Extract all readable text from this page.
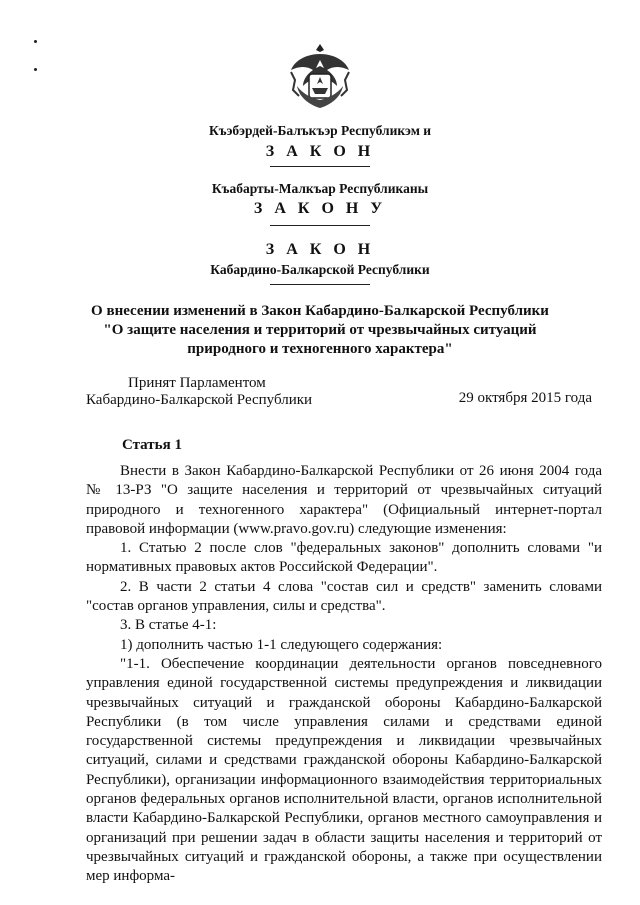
Къэбэрдей-Балъкъэр Республикэм и
З А К О Н
Къабарты-Малкъар Республиканы
З А К О Н У
З А К О Н
Кабардино-Балкарской Республики
О внесении изменений в Закон Кабардино-Балкарской Республики
"О защите населения и территорий от чрезвычайных ситуаций
природного и техногенного характера"
Принят Парламентом
Кабардино-Балкарской Республики	29 октября 2015 года
Статья 1

Внести в Закон Кабардино-Балкарской Республики от 26 июня 2004 года № 13-РЗ "О защите населения и территорий от чрезвычайных ситуаций природного и техногенного характера" (Официальный интернет-портал правовой информации (www.pravo.gov.ru) следующие изменения:

1. Статью 2 после слов "федеральных законов" дополнить словами "и нормативных правовых актов Российской Федерации".

2. В части 2 статьи 4 слова "состав сил и средств" заменить словами "состав органов управления, силы и средства".

3. В статье 4-1:

1) дополнить частью 1-1 следующего содержания:

"1-1. Обеспечение координации деятельности органов повседневного управления единой государственной системы предупреждения и ликвидации чрезвычайных ситуаций и гражданской обороны Кабардино-Балкарской Республики (в том числе управления силами и средствами единой государственной системы предупреждения и ликвидации чрезвычайных ситуаций, силами и средствами гражданской обороны Кабардино-Балкарской Республики), организации информационного взаимодействия территориальных органов федеральных органов исполнительной власти, органов исполнительной власти Кабардино-Балкарской Республики, органов местного самоуправления и организаций при решении задач в области защиты населения и территорий от чрезвычайных ситуаций и гражданской обороны, а также при осуществлении мер информа-
